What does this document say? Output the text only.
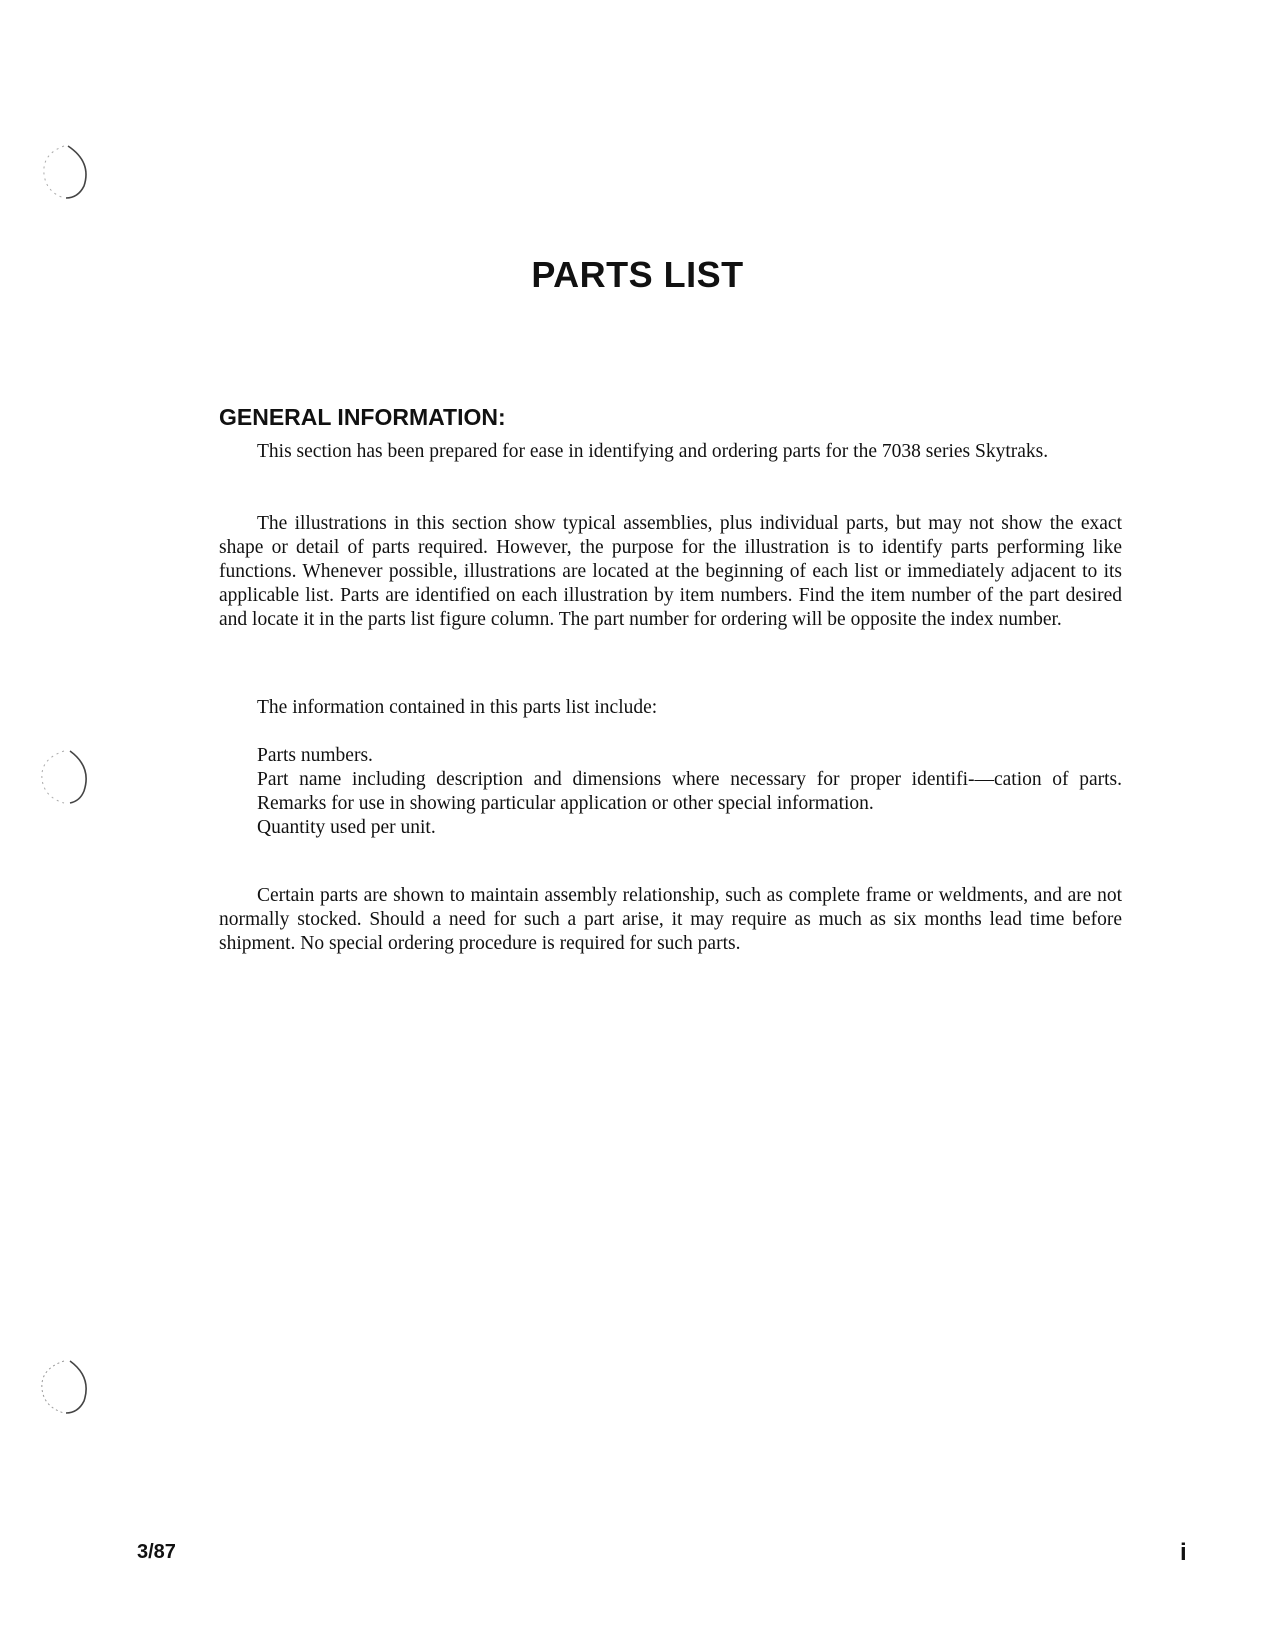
PARTS LIST
GENERAL INFORMATION:

This section has been prepared for ease in identifying and ordering parts for the 7038 series Skytraks.

The illustrations in this section show typical assemblies, plus individual parts, but may not show the exact shape or detail of parts required. However, the purpose for the illustration is to identify parts performing like functions. Whenever possible, illustrations are located at the beginning of each list or immediately adjacent to its applicable list. Parts are identified on each illustration by item numbers. Find the item number of the part desired and locate it in the parts list figure column. The part number for ordering will be opposite the index number.

The information contained in this parts list include:

Parts numbers.
Part name including description and dimensions where necessary for proper identifi-—cation of parts. Remarks for use in showing particular application or other special information.
Quantity used per unit.

Certain parts are shown to maintain assembly relationship, such as complete frame or weldments, and are not normally stocked. Should a need for such a part arise, it may require as much as six months lead time before shipment. No special ordering procedure is required for such parts.

3/87	i
